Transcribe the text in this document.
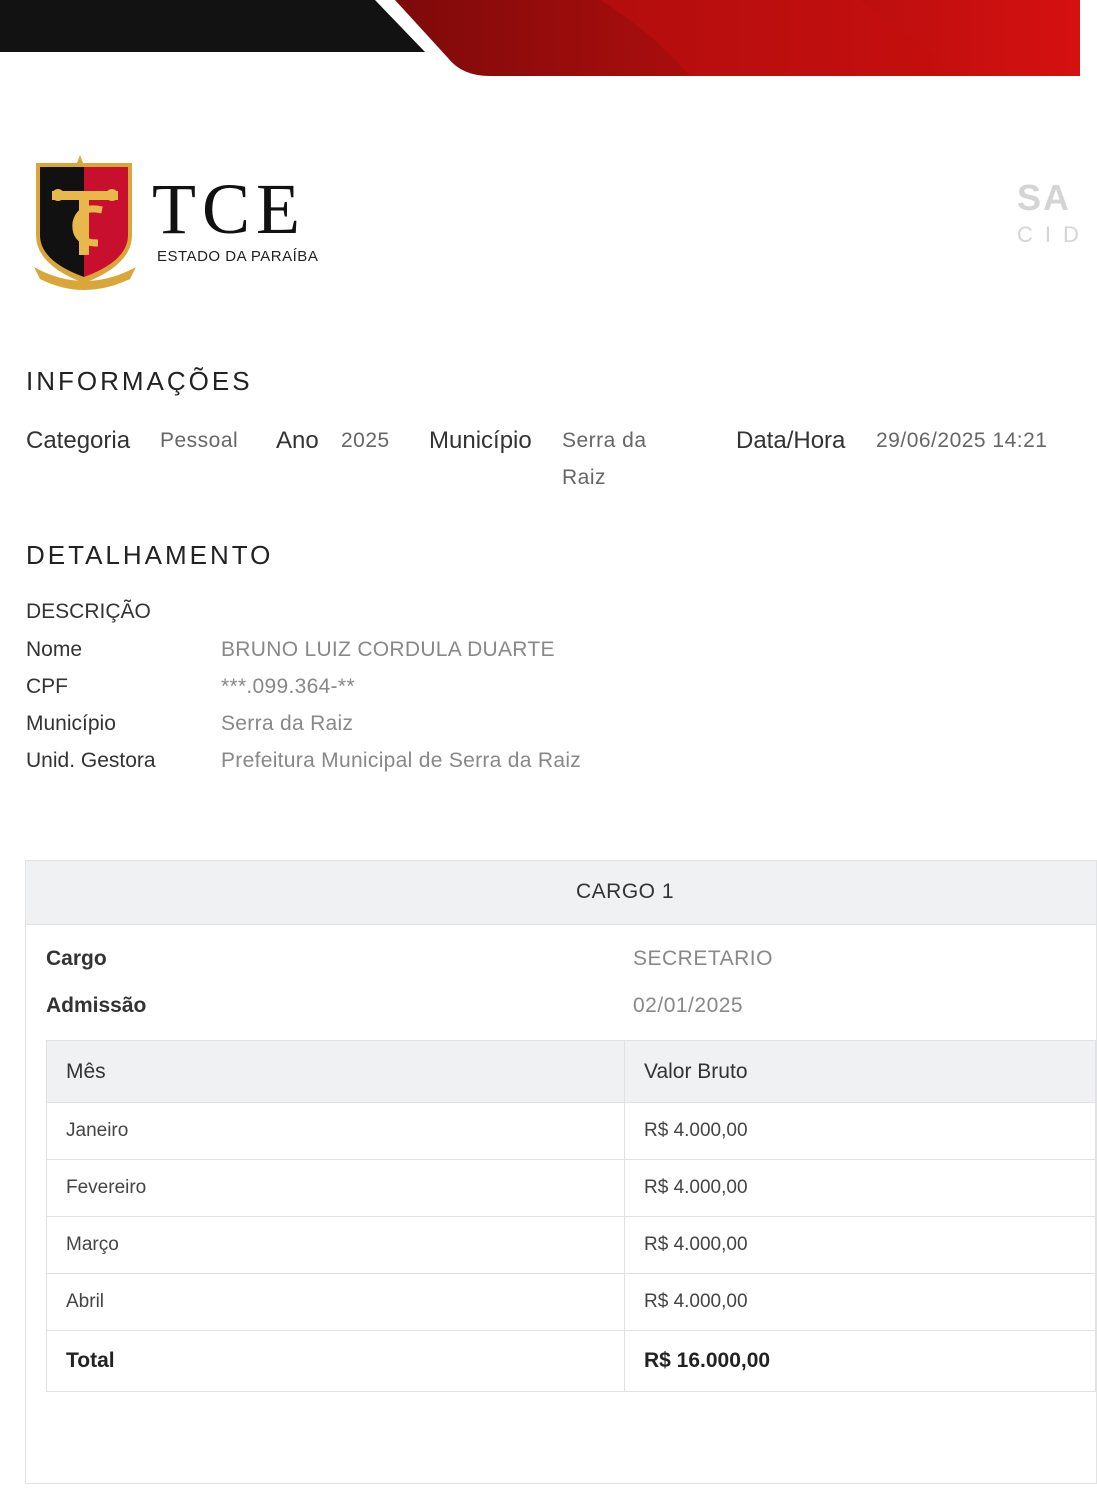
TCE
ESTADO DA PARAÍBA
SA
CID
INFORMAÇÕES
Categoria Pessoal Ano 2025 Município Serra da
Raiz
Data/Hora 29/06/2025 14:21
DETALHAMENTO
DESCRIÇÃO
Nome	BRUNO LUIZ CORDULA DUARTE
CPF	***.099.364-**
Município	Serra da Raiz
Unid. Gestora	Prefeitura Municipal de Serra da Raiz
CARGO 1
Cargo	SECRETARIO
Admissão	02/01/2025
Mês	Valor Bruto
Janeiro	R$ 4.000,00
Fevereiro	R$ 4.000,00
Março	R$ 4.000,00
Abril	R$ 4.000,00
Total	R$ 16.000,00
